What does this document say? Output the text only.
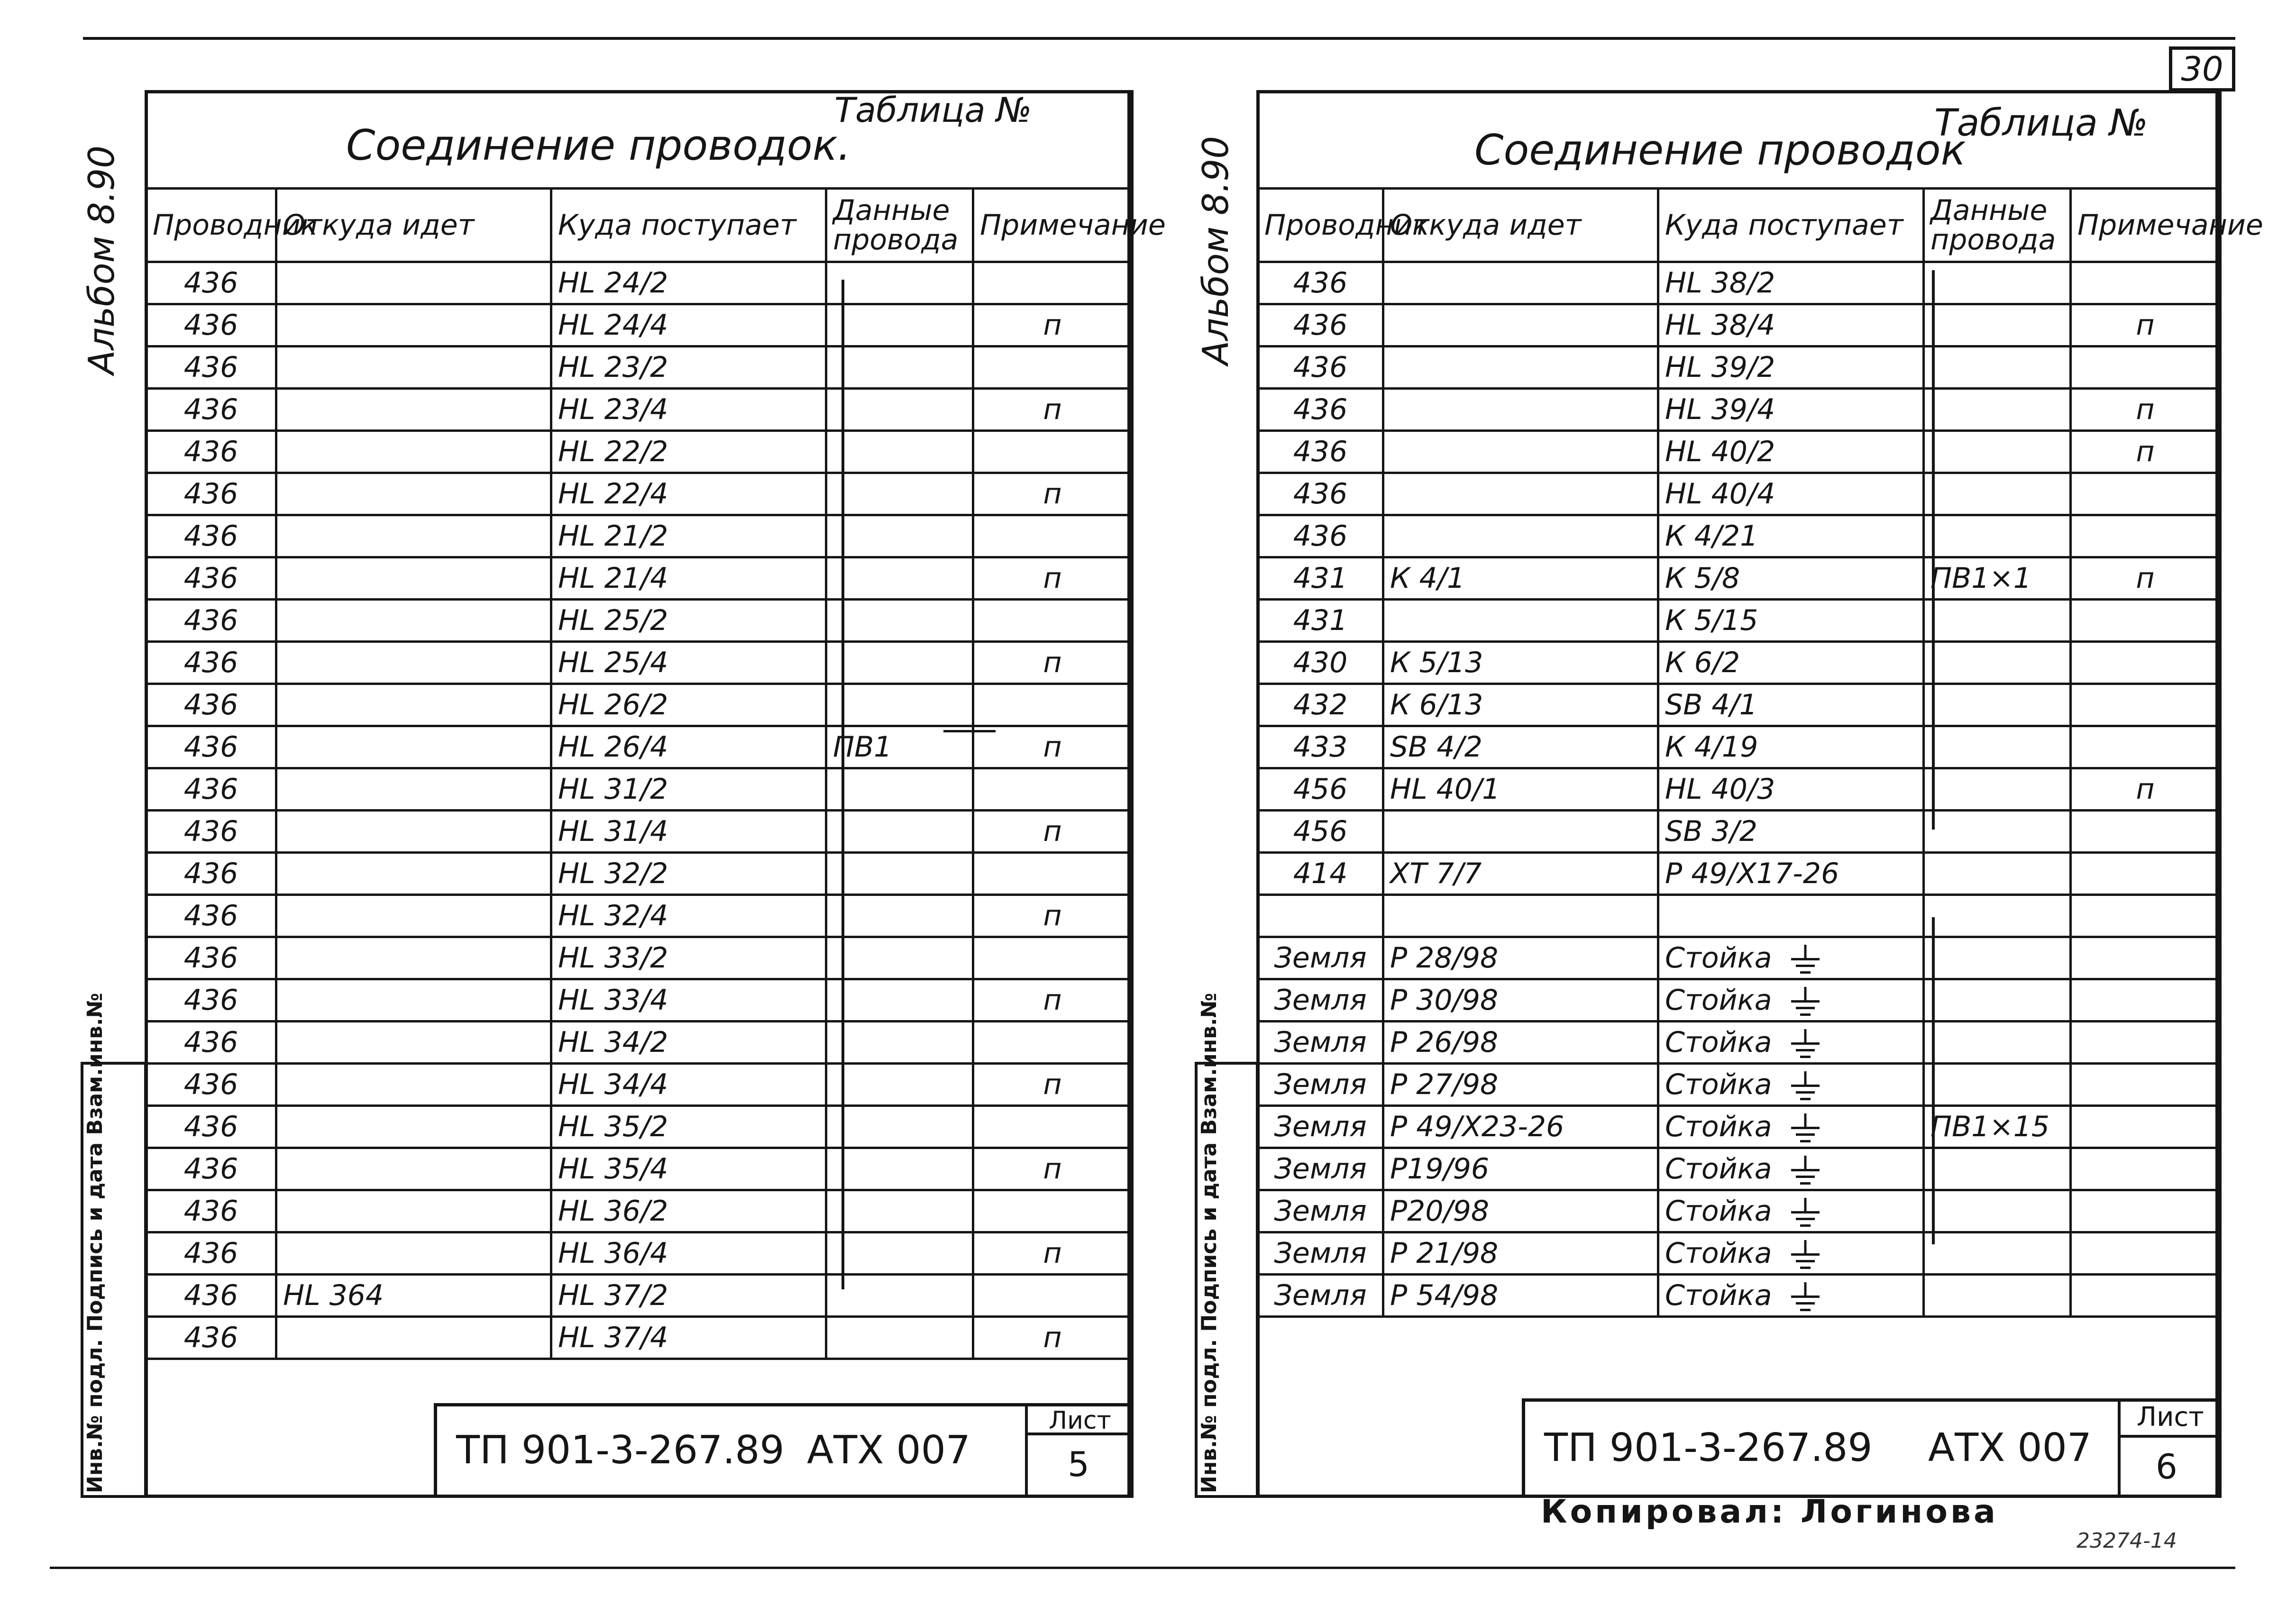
30
Альбом 8.90
Таблица №
Соединение проводок.
Проводник	Откуда идет	Куда поступает	Данные провода	Примечание
436		HL 24/2		
436		HL 24/4		п
436		HL 23/2		
436		HL 23/4		п
436		HL 22/2		
436		HL 22/4		п
436		HL 21/2		
436		HL 21/4		п
436		HL 25/2		
436		HL 25/4		п
436		HL 26/2		
436		HL 26/4	ПВ1	п
436		HL 31/2		
436		HL 31/4		п
436		HL 32/2		
436		HL 32/4		п
436		HL 33/2		
436		HL 33/4		п
436		HL 34/2		
436		HL 34/4		п
436		HL 35/2		
436		HL 35/4		п
436		HL 36/2		
436		HL 36/4		п
436	HL 364	HL 37/2		
436		HL 37/4		п
Инв.№ подл. Подпись и дата Взам.инв.№	ТП 901-3-267.89 АТХ 007
Лист
5
Альбом 8.90
Таблица №
Соединение проводок
Проводник	Откуда идет	Куда поступает	Данные провода	Примечание
436		HL 38/2		
436		HL 38/4		п
436		HL 39/2		
436		HL 39/4		п
436		HL 40/2		п
436		HL 40/4		
436		К 4/21		
431	К 4/1	К 5/8	ПВ1×1	п
431		К 5/15		
430	К 5/13	К 6/2		
432	К 6/13	SB 4/1		
433	SB 4/2	К 4/19		
456	HL 40/1	HL 40/3		п
456		SB 3/2		
414	XT 7/7	P 49/X17-26		

Земля	Р 28/98	Стойка

Земля	Р 30/98	Стойка

Земля	Р 26/98	Стойка

Земля	Р 27/98	Стойка

Земля	Р 49/Х23-26	Стойка	ПВ1×15	
Земля	Р19/96	Стойка

Земля	Р20/98	Стойка

Земля	Р 21/98	Стойка

Земля	Р 54/98	Стойка

Инв.№ подл. Подпись и дата Взам.инв.№	ТП 901-3-267.89 АТХ 007
Лист
6
Копировал: Логинова
23274-14
